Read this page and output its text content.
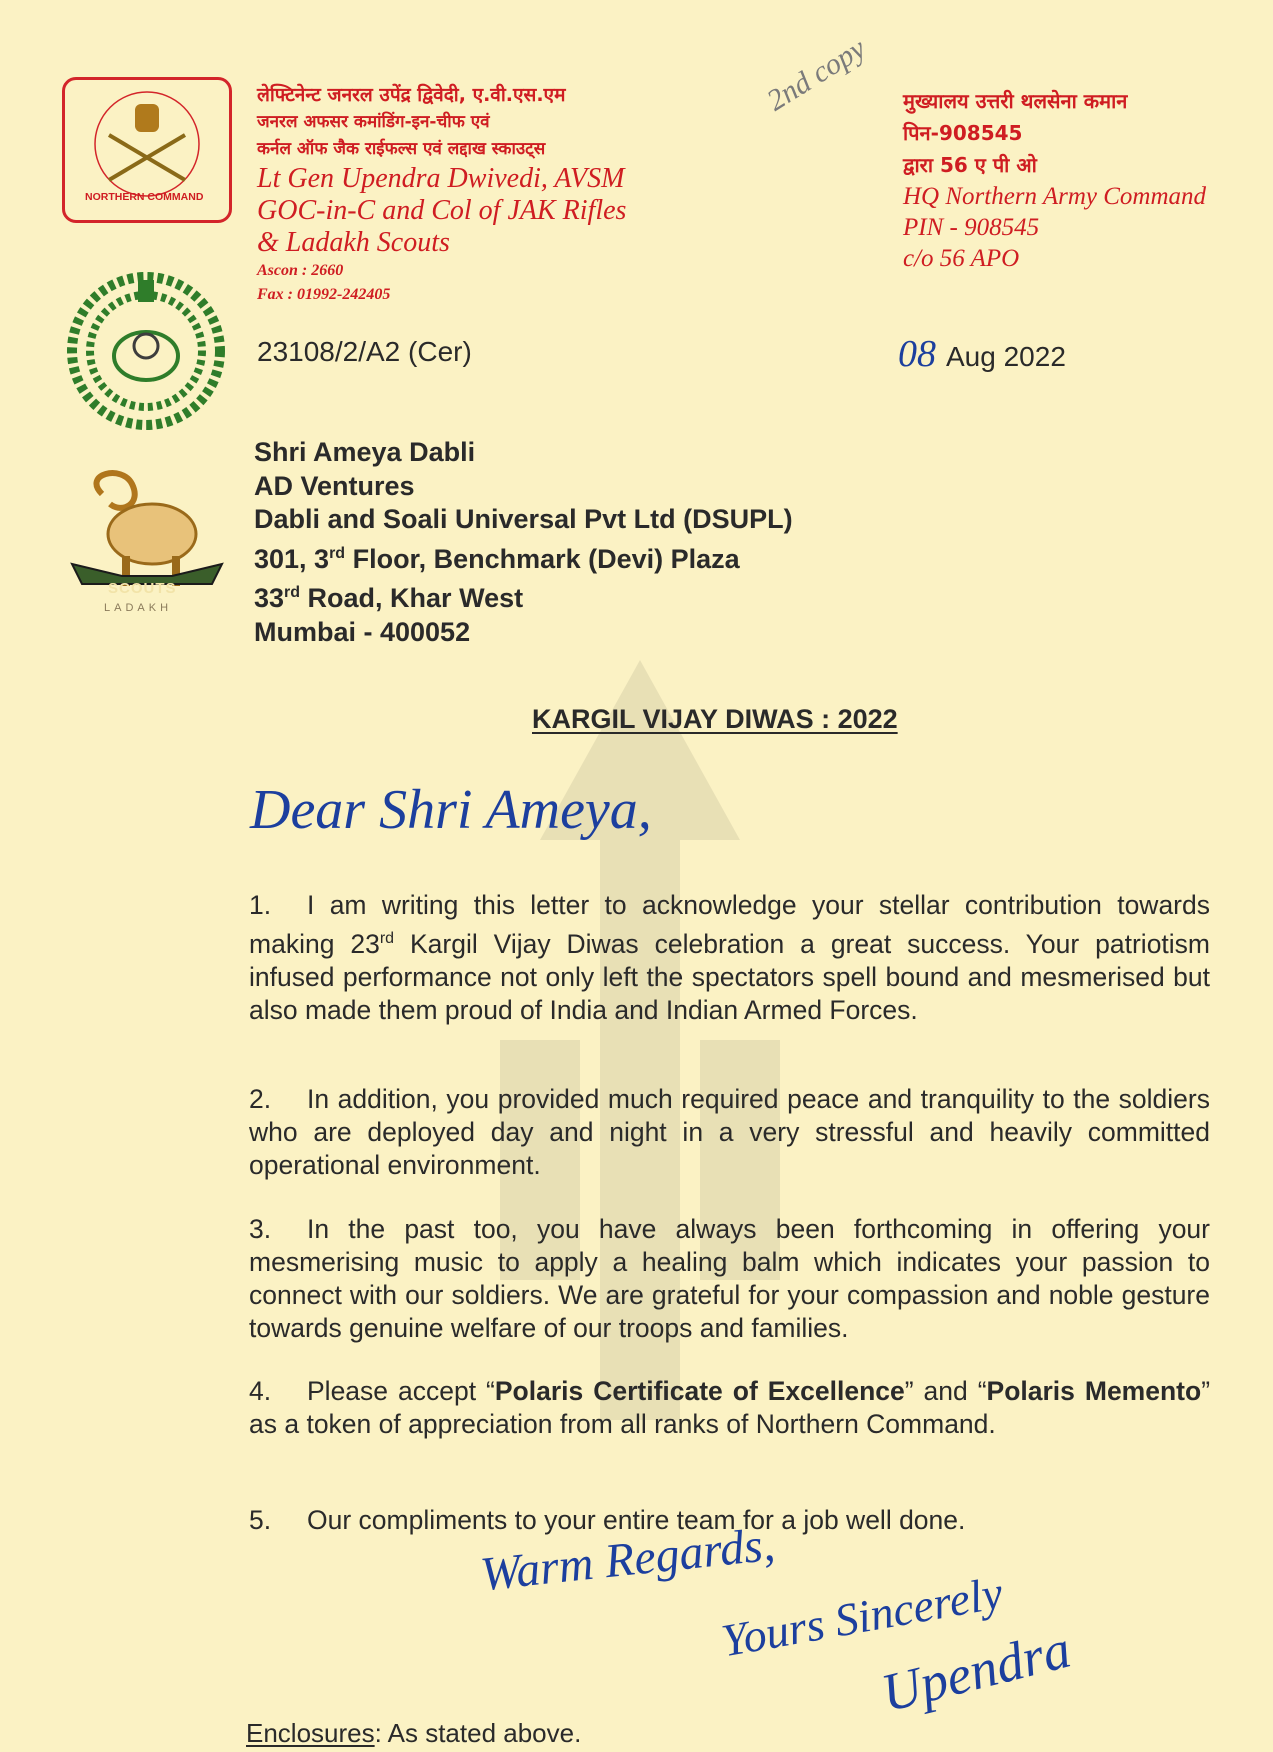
NORTHERN COMMAND
SCOUTS
LADAKH
लेफ्टिनेन्ट जनरल उपेंद्र द्विवेदी, ए.वी.एस.एम
जनरल अफसर कमांडिंग-इन-चीफ एवं
कर्नल ऑफ जैक राईफल्स एवं लद्दाख स्काउट्स
Lt Gen Upendra Dwivedi, AVSM
GOC-in-C and Col of JAK Rifles
& Ladakh Scouts
Ascon : 2660
Fax : 01992-242405
2nd copy मुख्यालय उत्तरी थलसेना कमान
पिन-908545
द्वारा 56 ए पी ओ
HQ Northern Army Command
PIN - 908545
c/o 56 APO
23108/2/A2 (Cer)	08 Aug 2022
Shri Ameya Dabli
AD Ventures
Dabli and Soali Universal Pvt Ltd (DSUPL)
301, 3rd Floor, Benchmark (Devi) Plaza
33rd Road, Khar West
Mumbai - 400052
KARGIL VIJAY DIWAS : 2022
Dear Shri Ameya,
1. I am writing this letter to acknowledge your stellar contribution towards making 23rd Kargil Vijay Diwas celebration a great success. Your patriotism infused performance not only left the spectators spell bound and mesmerised but also made them proud of India and Indian Armed Forces.
2. In addition, you provided much required peace and tranquility to the soldiers who are deployed day and night in a very stressful and heavily committed operational environment.
3. In the past too, you have always been forthcoming in offering your mesmerising music to apply a healing balm which indicates your passion to connect with our soldiers. We are grateful for your compassion and noble gesture towards genuine welfare of our troops and families.
4. Please accept “Polaris Certificate of Excellence” and “Polaris Memento” as a token of appreciation from all ranks of Northern Command.
5. Our compliments to your entire team for a job well done.
Warm Regards,
Yours Sincerely
Upendra
Enclosures: As stated above.
